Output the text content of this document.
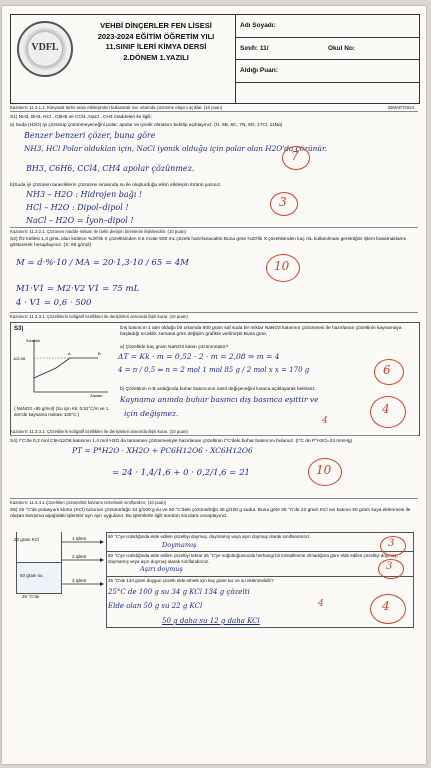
VDFL
VEHBİ DİNÇERLER FEN LİSESİ
2023-2024 EĞİTİM ÖĞRETİM YILI
11.SINIF İLERİ KİMYA DERSİ
2.DÖNEM 1.YAZILI
Adı Soyadı:
Sınıfı: 11/	Okul No:
Aldığı Puan:
Kazanım: 11.3.1.1. Kimyasal türler arası etkileşimleri kullanarak sıvı ortamda çözünme olayını açıklar. (10 puan)	25MART2024
S1) NH3, BH3, HCl , C6H6 ve CCl4 ,NaCl , CH4 maddeleri ile ilgili;
a) Suda (H2O) iyi çözünüp çözünmeyeceğini polar, apolar ve iyonik olmasını belirtip açıklayınız. (H, 6B, 6C, 7N, 8O, 17Cl, 11Na)
Benzer benzeri çözer, buna göre
NH3, HCl Polar olduklan için, NaCl iyonik olduğu için polar olan H2O'da çözünür.
BH3, C6H6, CCl4, CH4 apolar çözünmez.
7
b)Suda iyi çözünen taneciklerin çözünme sırasında su ile oluşturduğu etkin etkileşim türünü yazınız.
NH3 – H2O : Hidrojen bağı !
HCl – H2O : Dipol–dipol !
NaCl – H2O = İyon–dipol !
3
Kazanım: 11.3.2.1. Çözünen madde miktarı ile farklı derişim birimlerini ilişkilendirir. (10 puan)
S2) Öz kütlesi 1,3 g/mL olan kütlece %20'lik X çözeltisinden 0,6 molar 500 mL çözelti hazırlanacaktır.Buna göre %20'lik X çözeltisinden kaç mL kullanılması gerektiğini işlem basamaklarını göstererek hesaplayınız. (X: 65 g/mol)
M = d·%·10 / MA = 20·1,3·10 / 65 = 4M
M1·V1 = M2·V2 V1 = 75 mL
4 · V1 = 0,6 · 500
10
Kazanım: 11.3.3.1. Çözeltilerin koligatif özellikleri ile derişimleri arasında ilişki kurar. (10 puan)
S3)
Sıcaklık
102,08
A	B
Zaman
( NaNO3 =85 g/mol) (Su için Kk: 0,52°C/m ve 1 atm'de kaynama noktası 100°C )
Dış basıncın 1 atm olduğu bir ortamda 500 gram saf suda bir miktar NaNO3 katısının çözünmesi ile hazırlanan çözeltinin kaynamaya başladığı sıcaklık zamana göre değişim grafikte verilmiştir.Buna göre,
a) Çözeltide kaç gram NaNO3 katısı çözünmüştür?
ΔT = Kk · m = 0,52 · 2 · m = 2,08 ⇒ m = 4
4 = n / 0,5 ⇒ n = 2 mol 1 mol 85 g / 2 mol x x = 170 g	6
b) Çözeltinin A-B aralığında buhar basıncının nasıl değişeceğini kısaca açıklayarak belirtiniz.
Kaynama anında buhar basıncı dış basınca eşittir ve
için değişmez.
4
4
Kazanım: 11.3.3.1. Çözeltilerin koligatif özellikleri ile derişimleri arasında ilişki kurar. (10 puan)
S4) t°C'de 0,2 mol C6H12O6 katısının 1,4 mol H2O da tamamen çözünmesiyle hazırlanan çözeltinin t°C'deki buhar basıncını bulunuz. (t°C de P°H2O=24 mmHg)
PT = P°H2O · XH2O + PC6H12O6 · XC6H12O6
= 24 · 1,4/1,6 + 0 · 0,2/1,6 = 21	10
Kazanım: 11.3.4.1.Çözeltileri çözünürlük kavramı temelinde sınıflandırır. (10 puan)
S5) 25 °C'de potasyum klorür (KCl) tuzunun çözünürlüğü 34 g/100 g su ve 50 °C'deki çözünürlüğü 45 g/100 g sudur. Buna göre 25 °C'de 22 gram KCl nin katının 50 gram suya eklenmesi ile oluşan karışıma aşağıdaki işlemler ayrı ayrı uygulanır. Bu işlemlerle ilgili soruları sorulara cevaplayınız.
22 gram KCl
50 gram su
25 °C'de
1.işlem
2.işlem
3.işlem
50 °C'ye ısıtıldığında elde edilen çözeltiyi doymuş, doymamış veya aşırı doymuş olarak sınıflandırınız.
Doymamış
50 °C'ye ısıtıldığında elde edilen çözeltiyi tekrar 25 °C'ye soğuttuğumuzda herhangi bir kristallenme olmadığına göre elde edilen çözeltiyi doymuş, doymamış veya aşırı doymuş olarak sınıflandırınız.
Aşırı doymuş
25 °C'de 134 gram doygun çözelti elde etmek için kaç gram tuz ve su eklenmelidir?
3
3
25°C de 100 g su 34 g KCl 134 g çözelti
Elde olan 50 g su 22 g KCl
50 g daha su 12 g daha KCl
4	4
